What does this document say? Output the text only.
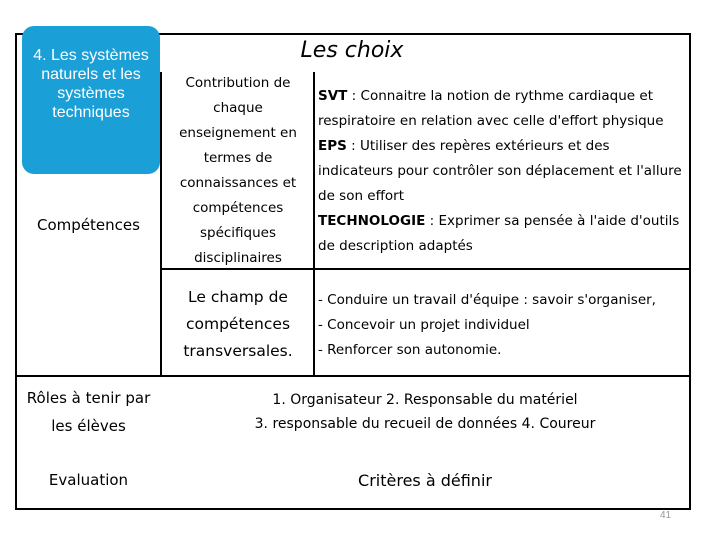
4. Les systèmes naturels et les systèmes techniques
Les choix
Compétences
Contribution de chaque enseignement en termes de connaissances et compétences spécifiques disciplinaires
SVT : Connaitre la notion de rythme cardiaque et respiratoire en relation avec celle d'effort physique
EPS : Utiliser des repères extérieurs et des indicateurs pour contrôler son déplacement et l'allure de son effort
TECHNOLOGIE : Exprimer sa pensée à l'aide d'outils de description adaptés
Le champ de compétences transversales.
- Conduire un travail d'équipe : savoir s'organiser,
- Concevoir un projet individuel
- Renforcer son autonomie.
Rôles à tenir par les élèves
1. Organisateur 2. Responsable du matériel
3. responsable du recueil de données 4. Coureur
Evaluation	Critères à définir
41
